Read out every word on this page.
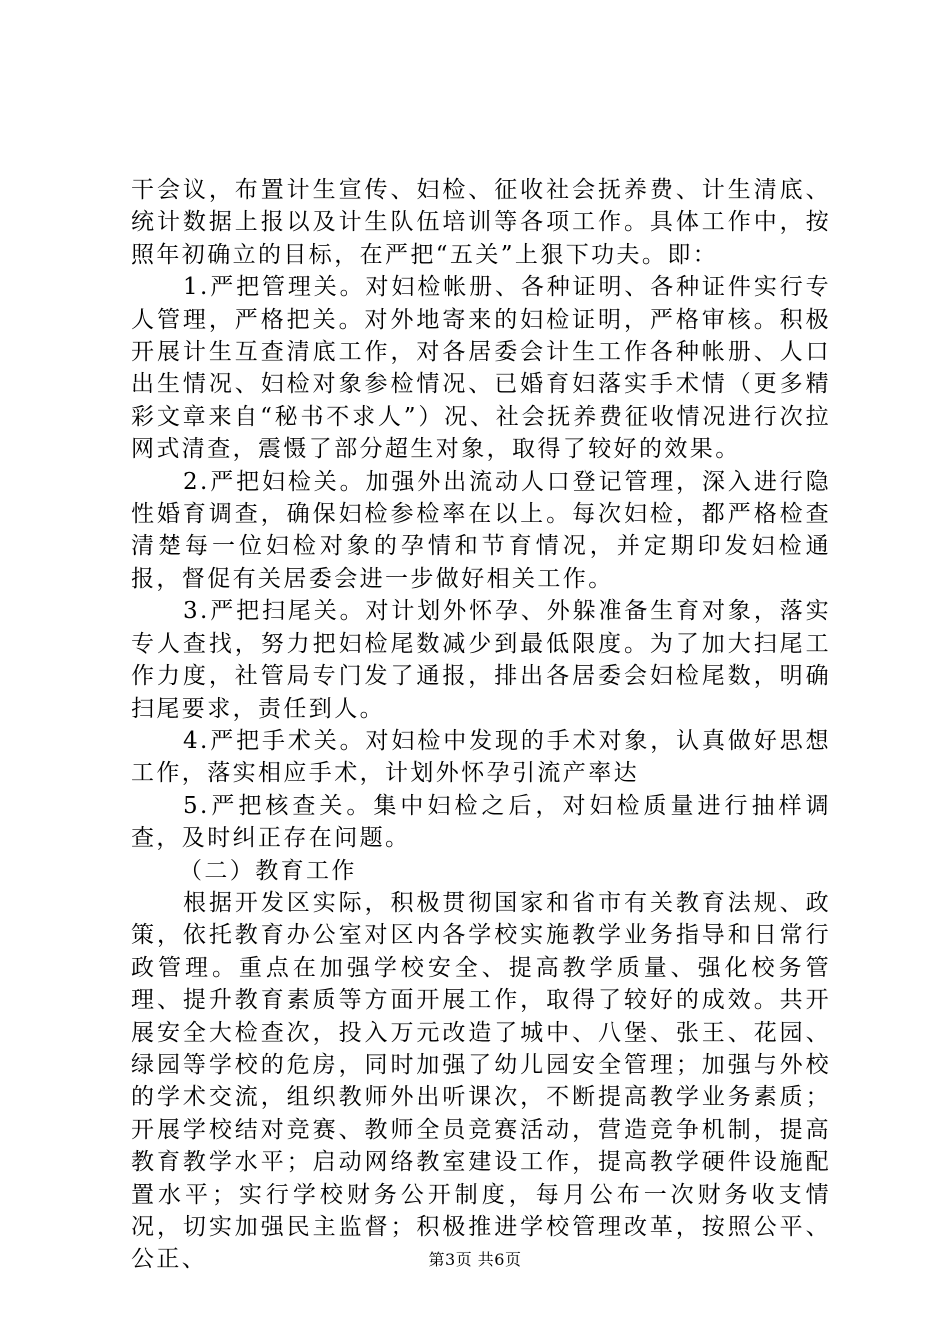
干会议，布置计生宣传、妇检、征收社会抚养费、计生清底、统计数据上报以及计生队伍培训等各项工作。具体工作中，按照年初确立的目标，在严把“五关”上狠下功夫。即：

1.严把管理关。对妇检帐册、各种证明、各种证件实行专人管理，严格把关。对外地寄来的妇检证明，严格审核。积极开展计生互查清底工作，对各居委会计生工作各种帐册、人口出生情况、妇检对象参检情况、已婚育妇落实手术情（更多精彩文章来自“秘书不求人”）况、社会抚养费征收情况进行次拉网式清查，震慑了部分超生对象，取得了较好的效果。

2.严把妇检关。加强外出流动人口登记管理，深入进行隐性婚育调查，确保妇检参检率在以上。每次妇检，都严格检查清楚每一位妇检对象的孕情和节育情况，并定期印发妇检通报，督促有关居委会进一步做好相关工作。

3.严把扫尾关。对计划外怀孕、外躲准备生育对象，落实专人查找，努力把妇检尾数减少到最低限度。为了加大扫尾工作力度，社管局专门发了通报，排出各居委会妇检尾数，明确扫尾要求，责任到人。

4.严把手术关。对妇检中发现的手术对象，认真做好思想工作，落实相应手术，计划外怀孕引流产率达

5.严把核查关。集中妇检之后，对妇检质量进行抽样调查，及时纠正存在问题。

（二）教育工作

根据开发区实际，积极贯彻国家和省市有关教育法规、政策，依托教育办公室对区内各学校实施教学业务指导和日常行政管理。重点在加强学校安全、提高教学质量、强化校务管理、提升教育素质等方面开展工作，取得了较好的成效。共开展安全大检查次，投入万元改造了城中、八堡、张王、花园、绿园等学校的危房，同时加强了幼儿园安全管理；加强与外校的学术交流，组织教师外出听课次，不断提高教学业务素质；开展学校结对竞赛、教师全员竞赛活动，营造竞争机制，提高教育教学水平；启动网络教室建设工作，提高教学硬件设施配置水平；实行学校财务公开制度，每月公布一次财务收支情况，切实加强民主监督；积极推进学校管理改革，按照公平、公正、	第3页 共6页
